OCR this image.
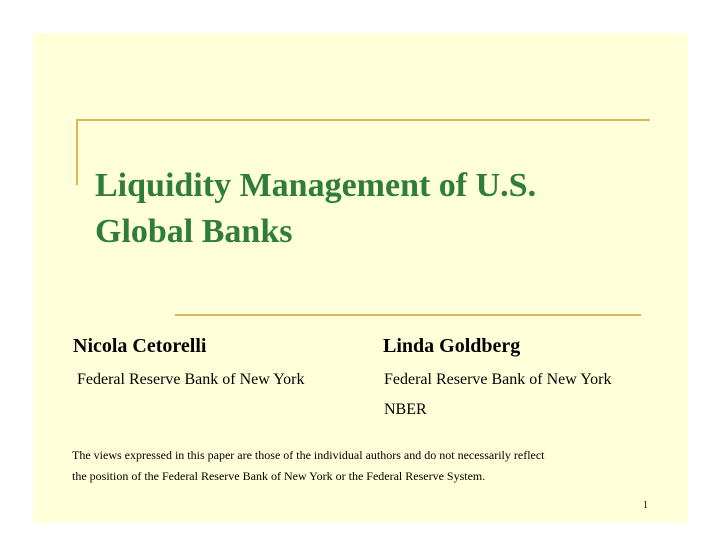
Liquidity Management of U.S.
Global Banks

Nicola Cetorelli

Federal Reserve Bank of New York

Linda Goldberg

Federal Reserve Bank of New York

NBER

The views expressed in this paper are those of the individual authors and do not necessarily reflect
the position of the Federal Reserve Bank of New York or the Federal Reserve System.

1
